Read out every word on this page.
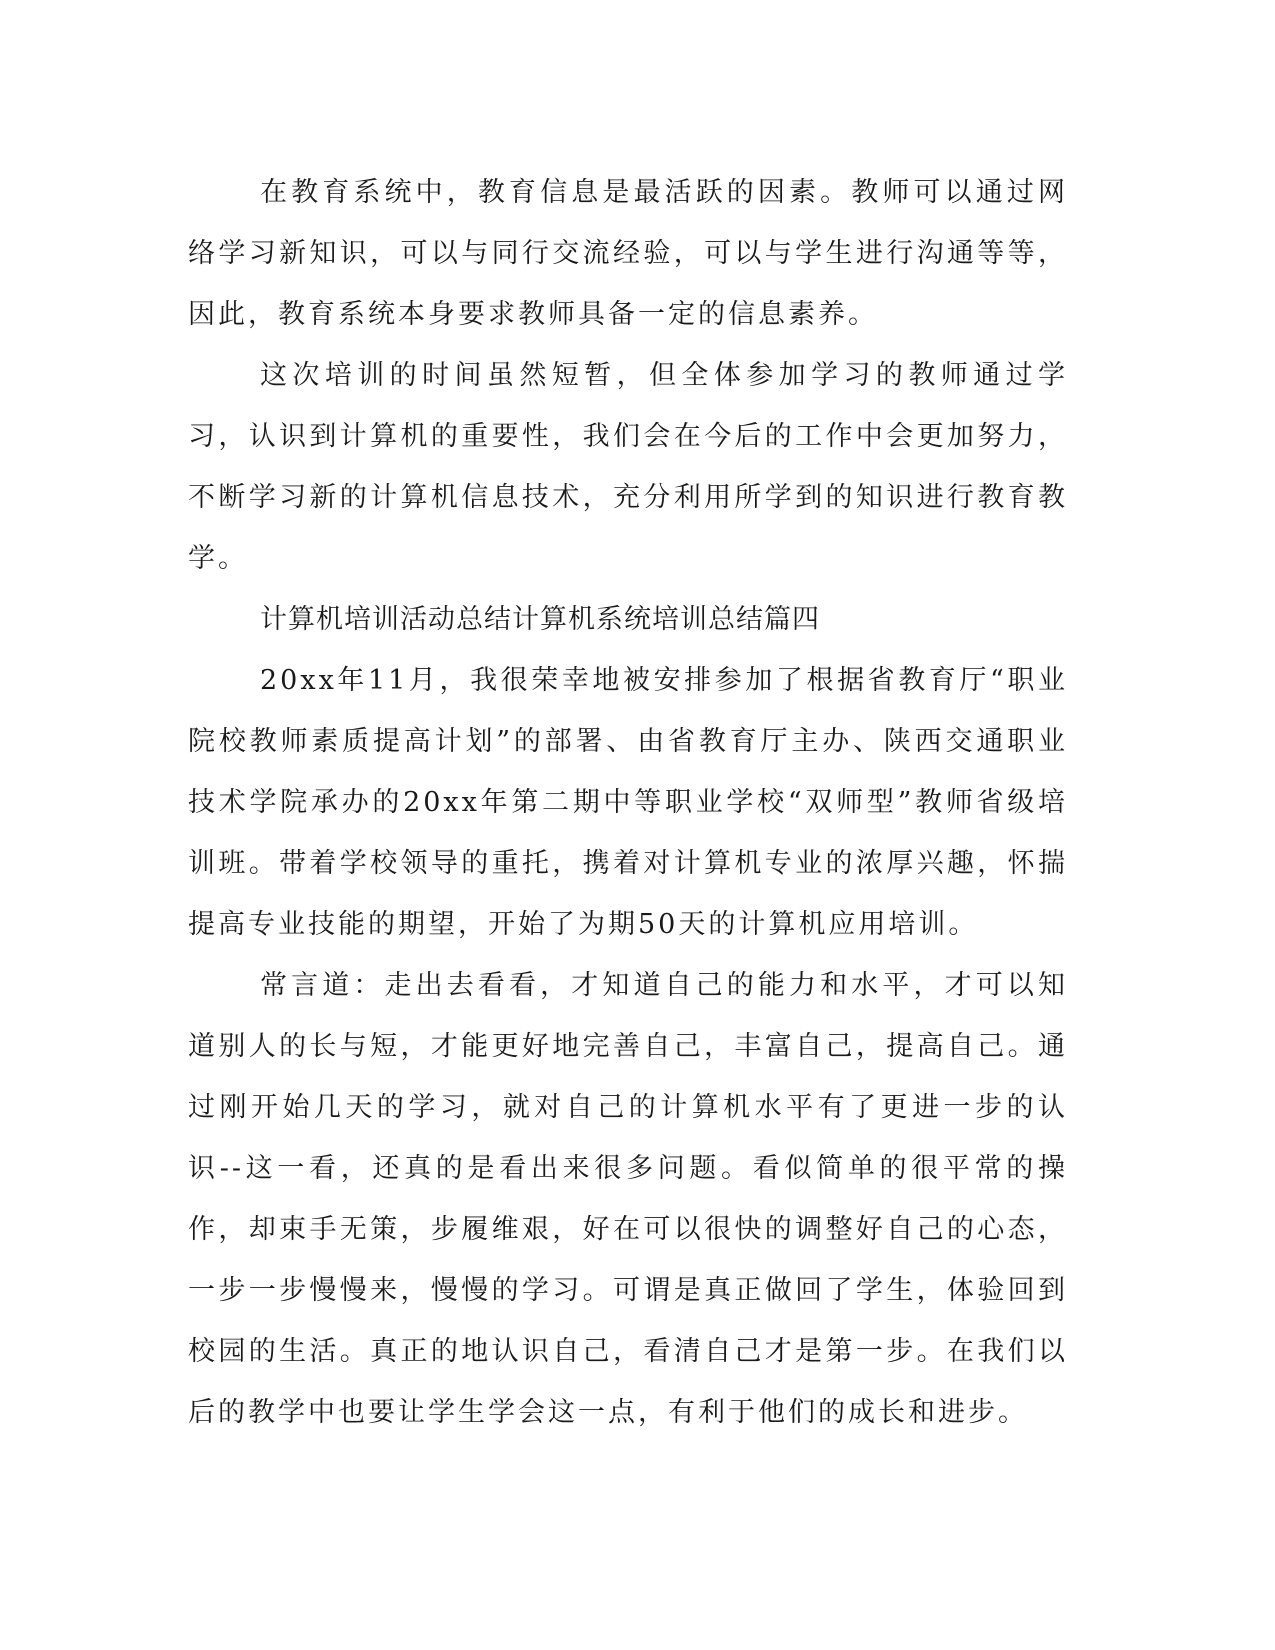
在教育系统中，教育信息是最活跃的因素。教师可以通过网络学习新知识，可以与同行交流经验，可以与学生进行沟通等等，因此，教育系统本身要求教师具备一定的信息素养。

这次培训的时间虽然短暂，但全体参加学习的教师通过学习，认识到计算机的重要性，我们会在今后的工作中会更加努力，不断学习新的计算机信息技术，充分利用所学到的知识进行教育教学。

计算机培训活动总结计算机系统培训总结篇四

20xx年11月，我很荣幸地被安排参加了根据省教育厅“职业院校教师素质提高计划”的部署、由省教育厅主办、陕西交通职业技术学院承办的20xx年第二期中等职业学校“双师型”教师省级培训班。带着学校领导的重托，携着对计算机专业的浓厚兴趣，怀揣提高专业技能的期望，开始了为期50天的计算机应用培训。

常言道：走出去看看，才知道自己的能力和水平，才可以知道别人的长与短，才能更好地完善自己，丰富自己，提高自己。通过刚开始几天的学习，就对自己的计算机水平有了更进一步的认识--这一看，还真的是看出来很多问题。看似简单的很平常的操作，却束手无策，步履维艰，好在可以很快的调整好自己的心态，一步一步慢慢来，慢慢的学习。可谓是真正做回了学生，体验回到校园的生活。真正的地认识自己，看清自己才是第一步。在我们以后的教学中也要让学生学会这一点，有利于他们的成长和进步。
